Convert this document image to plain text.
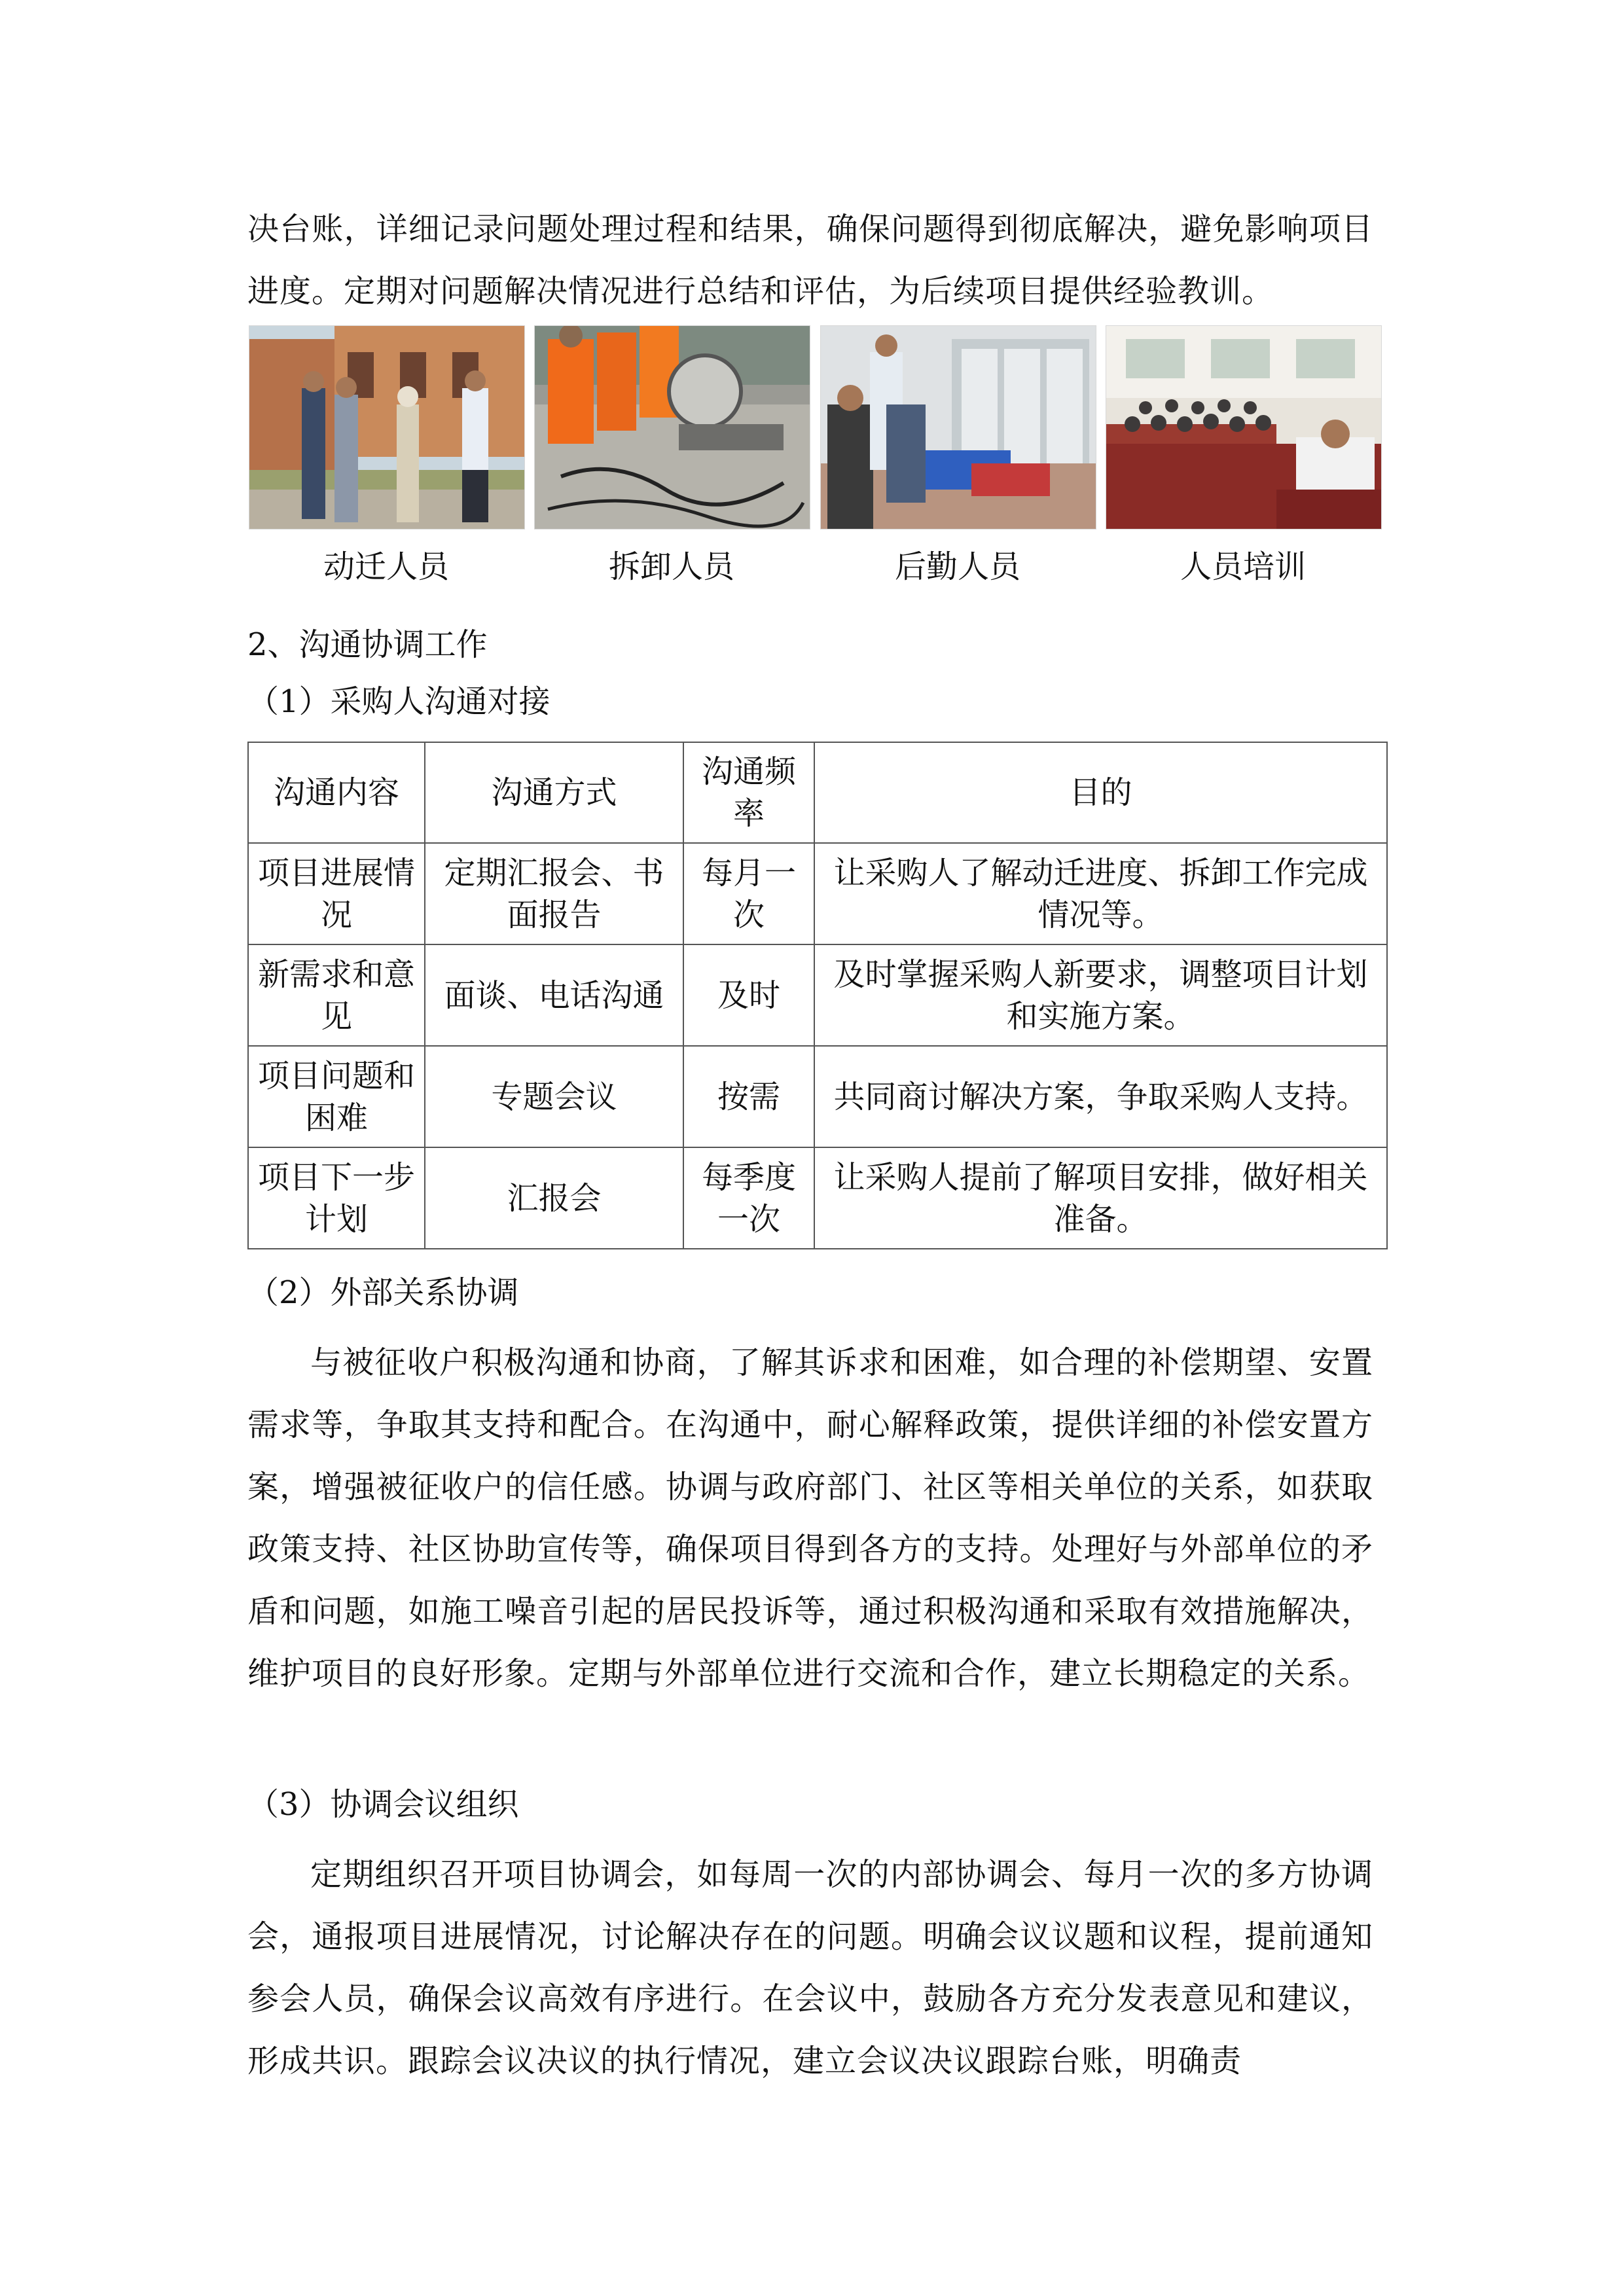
决台账，详细记录问题处理过程和结果，确保问题得到彻底解决，避免影响项目进度。定期对问题解决情况进行总结和评估，为后续项目提供经验教训。

动迁人员	拆卸人员	后勤人员	人员培训
2、沟通协调工作
（1）采购人沟通对接
沟通内容	沟通方式	沟通频率	目的
项目进展情况	定期汇报会、书面报告	每月一次	让采购人了解动迁进度、拆卸工作完成情况等。
新需求和意见	面谈、电话沟通	及时	及时掌握采购人新要求，调整项目计划和实施方案。
项目问题和困难	专题会议	按需	共同商讨解决方案，争取采购人支持。
项目下一步计划	汇报会	每季度一次	让采购人提前了解项目安排，做好相关准备。
（2）外部关系协调

与被征收户积极沟通和协商，了解其诉求和困难，如合理的补偿期望、安置需求等，争取其支持和配合。在沟通中，耐心解释政策，提供详细的补偿安置方案，增强被征收户的信任感。协调与政府部门、社区等相关单位的关系，如获取政策支持、社区协助宣传等，确保项目得到各方的支持。处理好与外部单位的矛盾和问题，如施工噪音引起的居民投诉等，通过积极沟通和采取有效措施解决，维护项目的良好形象。定期与外部单位进行交流和合作，建立长期稳定的关系。

（3）协调会议组织

定期组织召开项目协调会，如每周一次的内部协调会、每月一次的多方协调会，通报项目进展情况，讨论解决存在的问题。明确会议议题和议程，提前通知参会人员，确保会议高效有序进行。在会议中，鼓励各方充分发表意见和建议，形成共识。跟踪会议决议的执行情况，建立会议决议跟踪台账，明确责
